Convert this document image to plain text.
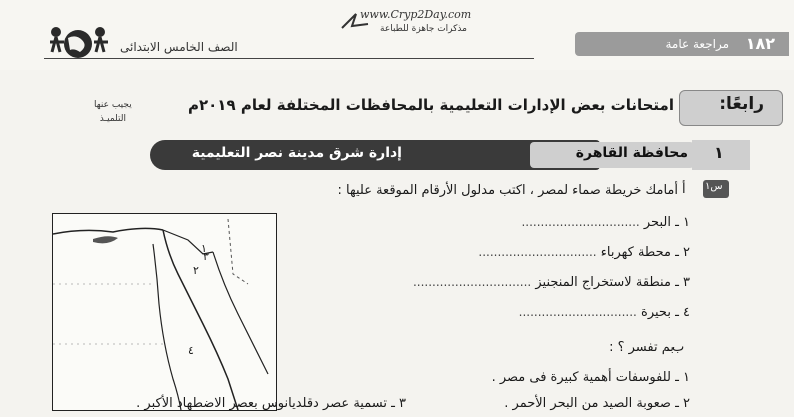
١٨٢
مراجعة عامة
www.Cryp2Day.com
مذكرات جاهزة للطباعة
الصف الخامس الابتدائى
رابعًا:
امتحانات بعض الإدارات التعليمية بالمحافظات المختلفة لعام ٢٠١٩م
يجيب عنها
التلميـذ
١
محافظة القاهرة
إدارة شرق مدينة نصر التعليمية
س١
أ
أمامك خريطة صماء لمصر ، اكتب مدلول الأرقام الموقعة عليها :
١
٢
٣
٤
١ ـ البحر ...............................
٢ ـ محطة كهرباء ...............................
٣ ـ منطقة لاستخراج المنجنيز ...............................
٤ ـ بحيرة ...............................
ب
بم تفسر ؟ :
١ ـ للفوسفات أهمية كبيرة فى مصر .
٢ ـ صعوبة الصيد من البحر الأحمر .
٣ ـ تسمية عصر دقلديانوس بعصر الاضطهاد الأكبر .
